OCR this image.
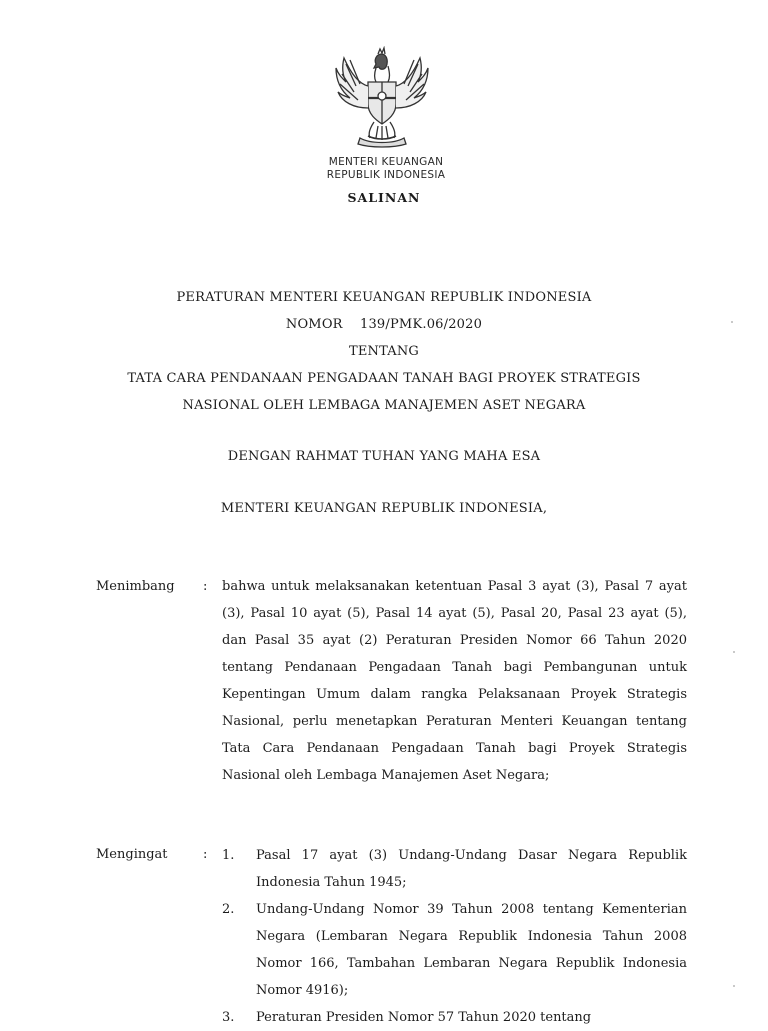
MENTERI KEUANGAN
REPUBLIK INDONESIA
SALINAN
PERATURAN MENTERI KEUANGAN REPUBLIK INDONESIA
NOMOR    139/PMK.06/2020
TENTANG
TATA CARA PENDANAAN PENGADAAN TANAH BAGI PROYEK STRATEGIS
NASIONAL OLEH LEMBAGA MANAJEMEN ASET NEGARA
DENGAN RAHMAT TUHAN YANG MAHA ESA
MENTERI KEUANGAN REPUBLIK INDONESIA,
Menimbang : bahwa untuk melaksanakan ketentuan Pasal 3 ayat (3), Pasal 7 ayat (3), Pasal 10 ayat (5), Pasal 14 ayat (5), Pasal 20, Pasal 23 ayat (5), dan Pasal 35 ayat (2) Peraturan Presiden Nomor 66 Tahun 2020 tentang Pendanaan Pengadaan Tanah bagi Pembangunan untuk Kepentingan Umum dalam rangka Pelaksanaan Proyek Strategis Nasional, perlu menetapkan Peraturan Menteri Keuangan tentang Tata Cara Pendanaan Pengadaan Tanah bagi Proyek Strategis Nasional oleh Lembaga Manajemen Aset Negara;

Mengingat	: 1. Pasal 17 ayat (3) Undang-Undang Dasar Negara Republik Indonesia Tahun 1945;
2. Undang-Undang Nomor 39 Tahun 2008 tentang Kementerian Negara (Lembaran Negara Republik Indonesia Tahun 2008 Nomor 166, Tambahan Lembaran Negara Republik Indonesia Nomor 4916);
3. Peraturan Presiden Nomor 57 Tahun 2020 tentang
